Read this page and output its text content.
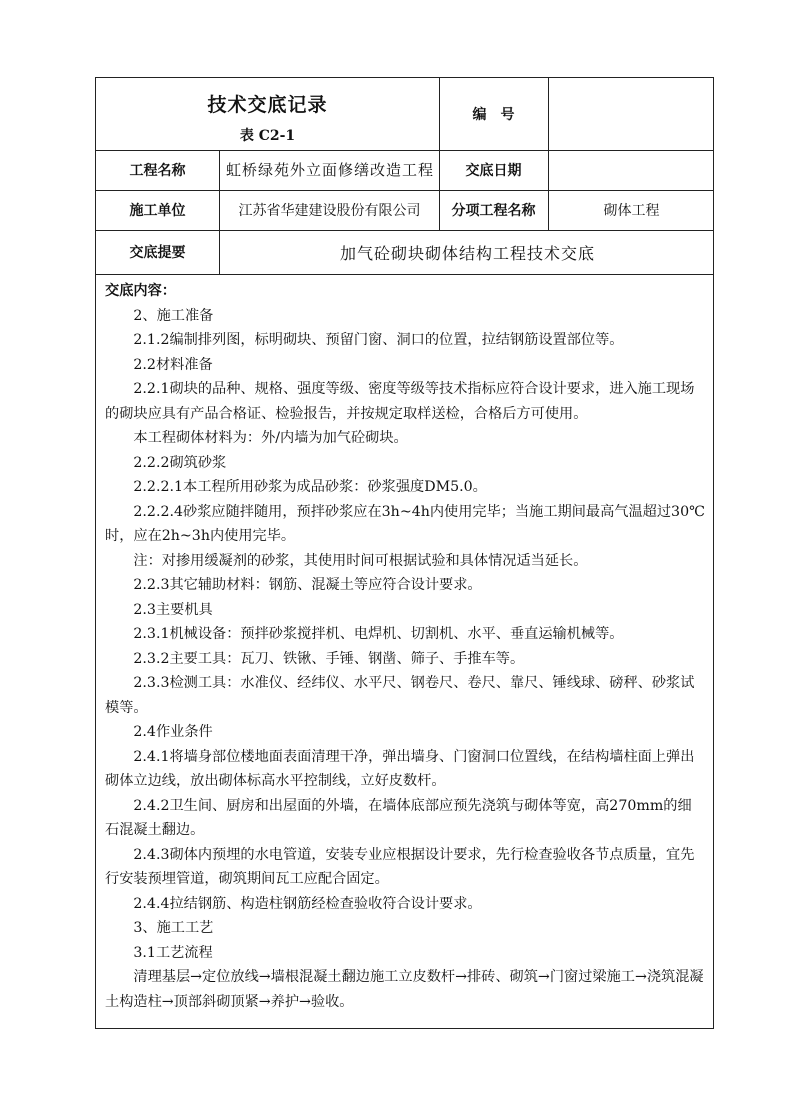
技术交底记录
表 C2-1
编　号
工程名称	虹桥绿苑外立面修缮改造工程	交底日期
施工单位	江苏省华建建设股份有限公司	分项工程名称	砌体工程
交底提要	加气砼砌块砌体结构工程技术交底

交底内容：

2、施工准备

2.1.2编制排列图，标明砌块、预留门窗、洞口的位置，拉结钢筋设置部位等。

2.2材料准备

2.2.1砌块的品种、规格、强度等级、密度等级等技术指标应符合设计要求，进入施工现场的砌块应具有产品合格证、检验报告，并按规定取样送检，合格后方可使用。

本工程砌体材料为：外/内墙为加气砼砌块。

2.2.2砌筑砂浆

2.2.2.1本工程所用砂浆为成品砂浆：砂浆强度DM5.0。

2.2.2.4砂浆应随拌随用，预拌砂浆应在3h~4h内使用完毕；当施工期间最高气温超过30℃时，应在2h~3h内使用完毕。

注：对掺用缓凝剂的砂浆，其使用时间可根据试验和具体情况适当延长。

2.2.3其它辅助材料：钢筋、混凝土等应符合设计要求。

2.3主要机具

2.3.1机械设备：预拌砂浆搅拌机、电焊机、切割机、水平、垂直运输机械等。

2.3.2主要工具：瓦刀、铁锹、手锤、钢凿、筛子、手推车等。

2.3.3检测工具：水准仪、经纬仪、水平尺、钢卷尺、卷尺、靠尺、锤线球、磅秤、砂浆试模等。

2.4作业条件

2.4.1将墙身部位楼地面表面清理干净，弹出墙身、门窗洞口位置线，在结构墙柱面上弹出砌体立边线，放出砌体标高水平控制线，立好皮数杆。

2.4.2卫生间、厨房和出屋面的外墙，在墙体底部应预先浇筑与砌体等宽，高270mm的细石混凝土翻边。

2.4.3砌体内预埋的水电管道，安装专业应根据设计要求，先行检查验收各节点质量，宜先行安装预埋管道，砌筑期间瓦工应配合固定。

2.4.4拉结钢筋、构造柱钢筋经检查验收符合设计要求。

3、施工工艺

3.1工艺流程

清理基层→定位放线→墙根混凝土翻边施工立皮数杆→排砖、砌筑→门窗过梁施工→浇筑混凝土构造柱→顶部斜砌顶紧→养护→验收。
